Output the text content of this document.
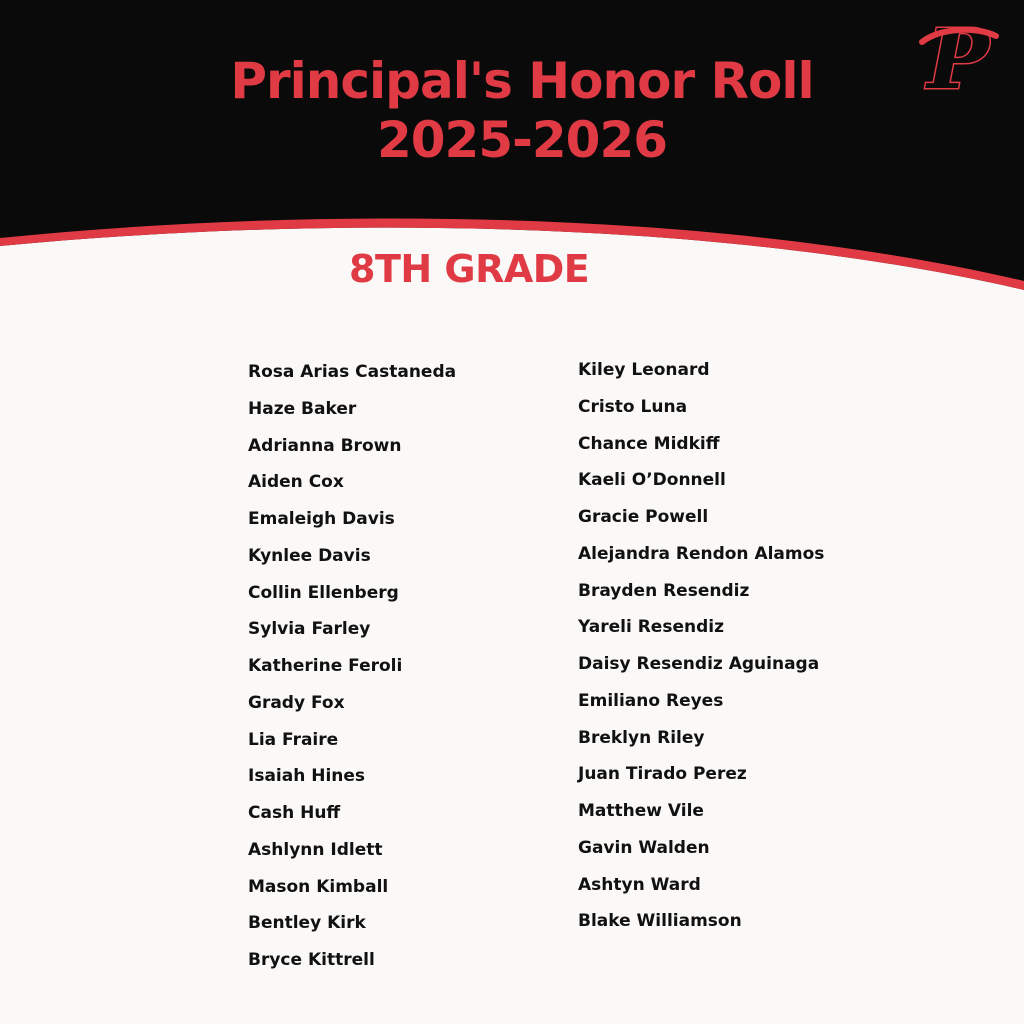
Principal's Honor Roll
2025-2026
P
8TH GRADE
Rosa Arias Castaneda
Haze Baker
Adrianna Brown
Aiden Cox
Emaleigh Davis
Kynlee Davis
Collin Ellenberg
Sylvia Farley
Katherine Feroli
Grady Fox
Lia Fraire
Isaiah Hines
Cash Huff
Ashlynn Idlett
Mason Kimball
Bentley Kirk
Bryce Kittrell
Kiley Leonard
Cristo Luna
Chance Midkiff
Kaeli O’Donnell
Gracie Powell
Alejandra Rendon Alamos
Brayden Resendiz
Yareli Resendiz
Daisy Resendiz Aguinaga
Emiliano Reyes
Breklyn Riley
Juan Tirado Perez
Matthew Vile
Gavin Walden
Ashtyn Ward
Blake Williamson
